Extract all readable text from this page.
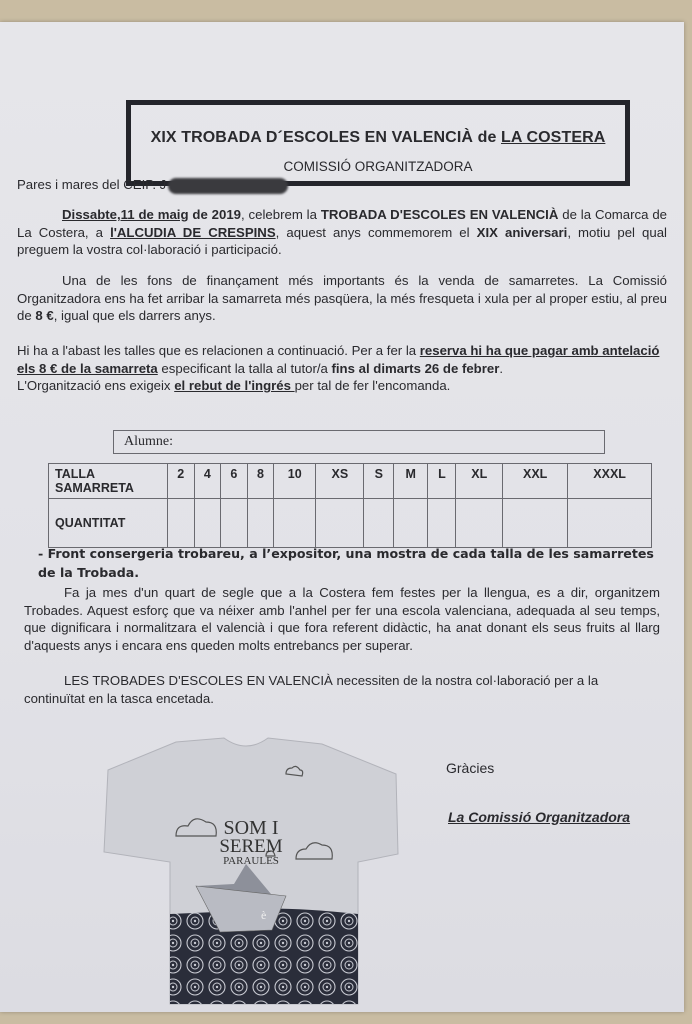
XIX TROBADA D´ESCOLES EN VALENCIÀ de LA COSTERA
COMISSIÓ ORGANITZADORA
Pares i mares del CEIP. J
Dissabte,11 de maig de 2019, celebrem la TROBADA D'ESCOLES EN VALENCIÀ de la Comarca de La Costera, a l'ALCUDIA DE CRESPINS, aquest anys commemorem el XIX aniversari, motiu pel qual preguem la vostra col·laboració i participació.
Una de les fons de finançament més importants és la venda de samarretes. La Comissió Organitzadora ens ha fet arribar la samarreta més pasqüera, la més fresqueta i xula per al proper estiu, al preu de 8 €, igual que els darrers anys.
Hi ha a l'abast les talles que es relacionen a continuació. Per a fer la reserva hi ha que pagar amb antelació els 8 € de la samarreta especificant la talla al tutor/a fins al dimarts 26 de febrer.
L'Organització ens exigeix el rebut de l'ingrés per tal de fer l'encomanda.
Alumne:
TALLA SAMARRETA	2	4	6	8	10	XS	S	M	L	XL	XXL	XXXL
QUANTITAT												
- Front consergeria trobareu, a l’expositor, una mostra de cada talla de les samarretes de la Trobada.
Fa ja mes d'un quart de segle que a la Costera fem festes per la llengua, es a dir, organitzem Trobades. Aquest esforç que va néixer amb l'anhel per fer una escola valenciana, adequada al seu temps, que dignificara i normalitzara el valencià i que fora referent didàctic, ha anat donant els seus fruits al llarg d'aquests anys i encara ens queden molts entrebancs per superar.
LES TROBADES D'ESCOLES EN VALENCIÀ necessiten de la nostra col·laboració per a la continuïtat en la tasca encetada.
è
SOM I
SEREM
PARAULES
Gràcies
La Comissió Organitzadora
